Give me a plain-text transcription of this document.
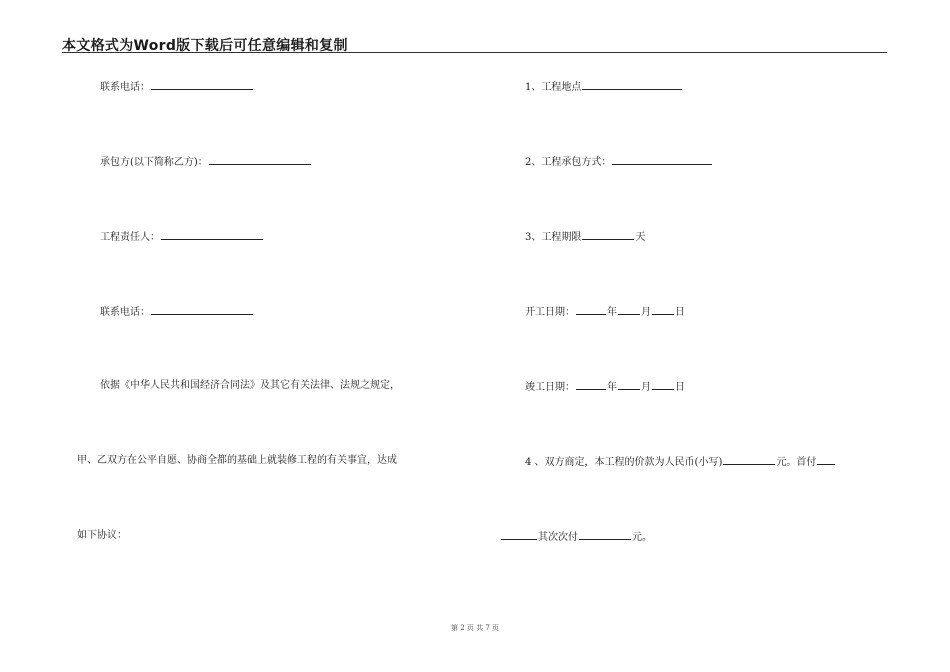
本文格式为Word版下载后可任意编辑和复制
联系电话：
承包方(以下简称乙方)：
工程责任人：
联系电话：
依据《中华人民共和国经济合同法》及其它有关法律、法规之规定，
甲、乙双方在公平自愿、协商全都的基础上就装修工程的有关事宜，达成
如下协议：
1、工程地点
2、工程承包方式：
3、工程期限	天
开工日期：	年 月 日
竣工日期：	年 月 日
4 、双方商定，本工程的价款为人民币(小写)	元。首付
其次次付	元。
第 2 页 共 7 页
